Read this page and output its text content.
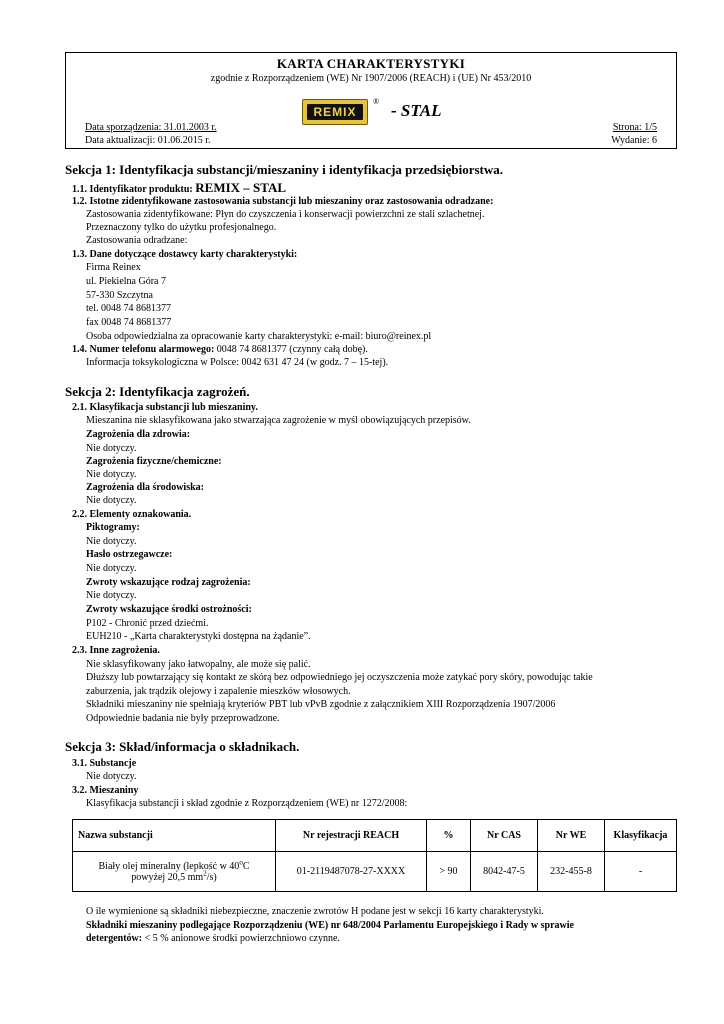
KARTA CHARAKTERYSTYKI
zgodnie z Rozporządzeniem (WE) Nr 1907/2006 (REACH) i (UE) Nr 453/2010
REMIX
® - STAL
Data sporządzenia: 31.01.2003 r.
Data aktualizacji: 01.06.2015 r.
Strona: 1/5
Wydanie: 6
Sekcja 1: Identyfikacja substancji/mieszaniny i identyfikacja przedsiębiorstwa.
1.1. Identyfikator produktu: REMIX – STAL
1.2. Istotne zidentyfikowane zastosowania substancji lub mieszaniny oraz zastosowania odradzane:
Zastosowania zidentyfikowane: Płyn do czyszczenia i konserwacji powierzchni ze stali szlachetnej.
Przeznaczony tylko do użytku profesjonalnego.
Zastosowania odradzane:
1.3. Dane dotyczące dostawcy karty charakterystyki:
Firma Reinex
ul. Piekielna Góra 7
57-330 Szczytna
tel. 0048 74 8681377
fax 0048 74 8681377
Osoba odpowiedzialna za opracowanie karty charakterystyki: e-mail: biuro@reinex.pl
1.4. Numer telefonu alarmowego: 0048 74 8681377 (czynny całą dobę).
Informacja toksykologiczna w Polsce: 0042 631 47 24 (w godz. 7 – 15-tej).
Sekcja 2: Identyfikacja zagrożeń.
2.1. Klasyfikacja substancji lub mieszaniny.
Mieszanina nie sklasyfikowana jako stwarzająca zagrożenie w myśl obowiązujących przepisów.
Zagrożenia dla zdrowia:
Nie dotyczy.
Zagrożenia fizyczne/chemiczne:
Nie dotyczy.
Zagrożenia dla środowiska:
Nie dotyczy.
2.2. Elementy oznakowania.
Piktogramy:
Nie dotyczy.
Hasło ostrzegawcze:
Nie dotyczy.
Zwroty wskazujące rodzaj zagrożenia:
Nie dotyczy.
Zwroty wskazujące środki ostrożności:
P102 - Chronić przed dziećmi.
EUH210 - „Karta charakterystyki dostępna na żądanie”.
2.3. Inne zagrożenia.
Nie sklasyfikowany jako łatwopalny, ale może się palić.
Dłuższy lub powtarzający się kontakt ze skórą bez odpowiedniego jej oczyszczenia może zatykać pory skóry, powodując takie
zaburzenia, jak trądzik olejowy i zapalenie mieszków włosowych.
Składniki mieszaniny nie spełniają kryteriów PBT lub vPvB zgodnie z załącznikiem XIII Rozporządzenia 1907/2006
Odpowiednie badania nie były przeprowadzone.
Sekcja 3: Skład/informacja o składnikach.
3.1. Substancje
Nie dotyczy.
3.2. Mieszaniny
Klasyfikacja substancji i skład zgodnie z Rozporządzeniem (WE) nr 1272/2008:
Nazwa substancji	Nr rejestracji REACH	%	Nr CAS	Nr WE	Klasyfikacja
Biały olej mineralny (lepkość w 40$^o$C
powyżej 20,5 $mm^2/s$)	01-2119487078-27-XXXX	> 90	8042-47-5	232-455-8	-
O ile wymienione są składniki niebezpieczne, znaczenie zwrotów H podane jest w sekcji 16 karty charakterystyki.
Składniki mieszaniny podlegające Rozporządzeniu (WE) nr 648/2004 Parlamentu Europejskiego i Rady w sprawie
detergentów: < 5 % anionowe środki powierzchniowo czynne.
